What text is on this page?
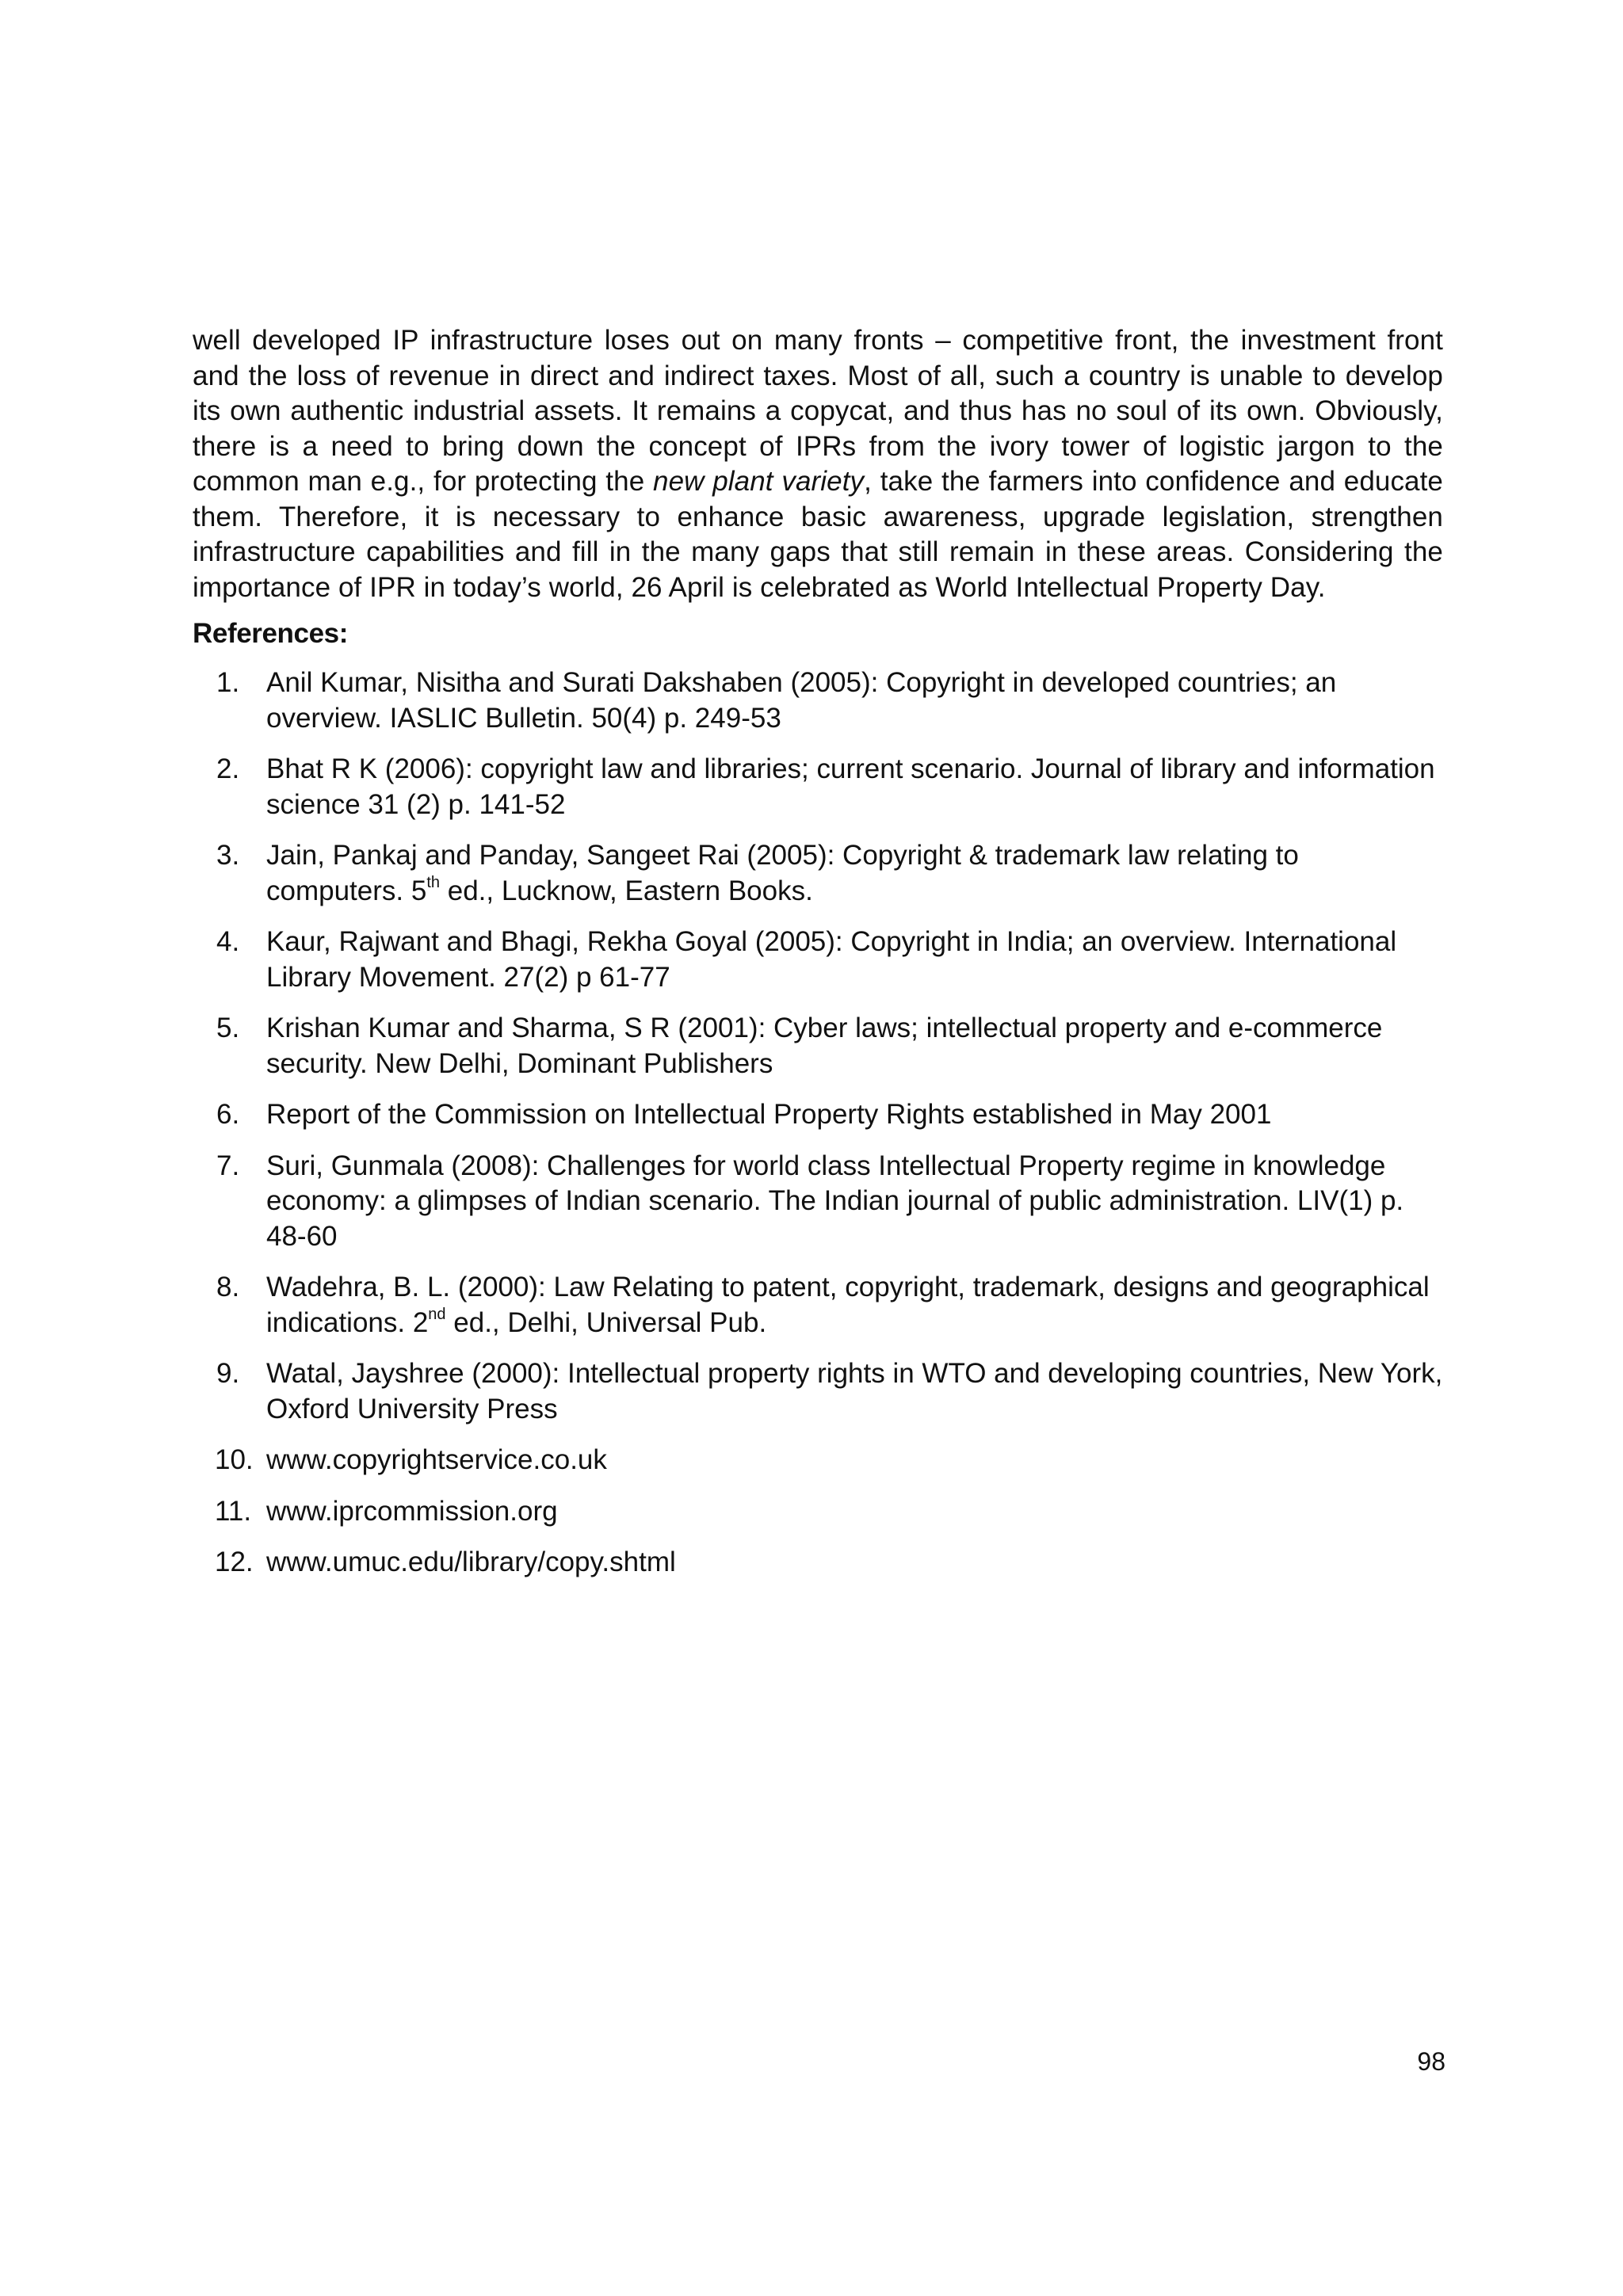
well developed IP infrastructure loses out on many fronts – competitive front, the investment front and the loss of revenue in direct and indirect taxes. Most of all, such a country is unable to develop its own authentic industrial assets. It remains a copycat, and thus has no soul of its own. Obviously, there is a need to bring down the concept of IPRs from the ivory tower of logistic jargon to the common man e.g., for protecting the new plant variety, take the farmers into confidence and educate them. Therefore, it is necessary to enhance basic awareness, upgrade legislation, strengthen infrastructure capabilities and fill in the many gaps that still remain in these areas. Considering the importance of IPR in today’s world, 26 April is celebrated as World Intellectual Property Day.

References:
1. Anil Kumar, Nisitha and Surati Dakshaben (2005): Copyright in developed countries; an overview. IASLIC Bulletin. 50(4) p. 249-53
2. Bhat R K (2006): copyright law and libraries; current scenario. Journal of library and information science 31 (2) p. 141-52
3. Jain, Pankaj and Panday, Sangeet Rai (2005): Copyright & trademark law relating to computers. 5th ed., Lucknow, Eastern Books.
4. Kaur, Rajwant and Bhagi, Rekha Goyal (2005): Copyright in India; an overview. International Library Movement. 27(2) p 61-77
5. Krishan Kumar and Sharma, S R (2001): Cyber laws; intellectual property and e-commerce security. New Delhi, Dominant Publishers
6. Report of the Commission on Intellectual Property Rights established in May 2001
7. Suri, Gunmala (2008): Challenges for world class Intellectual Property regime in knowledge economy: a glimpses of Indian scenario. The Indian journal of public administration. LIV(1) p. 48-60
8. Wadehra, B. L. (2000): Law Relating to patent, copyright, trademark, designs and geographical indications. 2nd ed., Delhi, Universal Pub.
9. Watal, Jayshree (2000): Intellectual property rights in WTO and developing countries, New York, Oxford University Press
10. www.copyrightservice.co.uk
11. www.iprcommission.org
12. www.umuc.edu/library/copy.shtml
98
